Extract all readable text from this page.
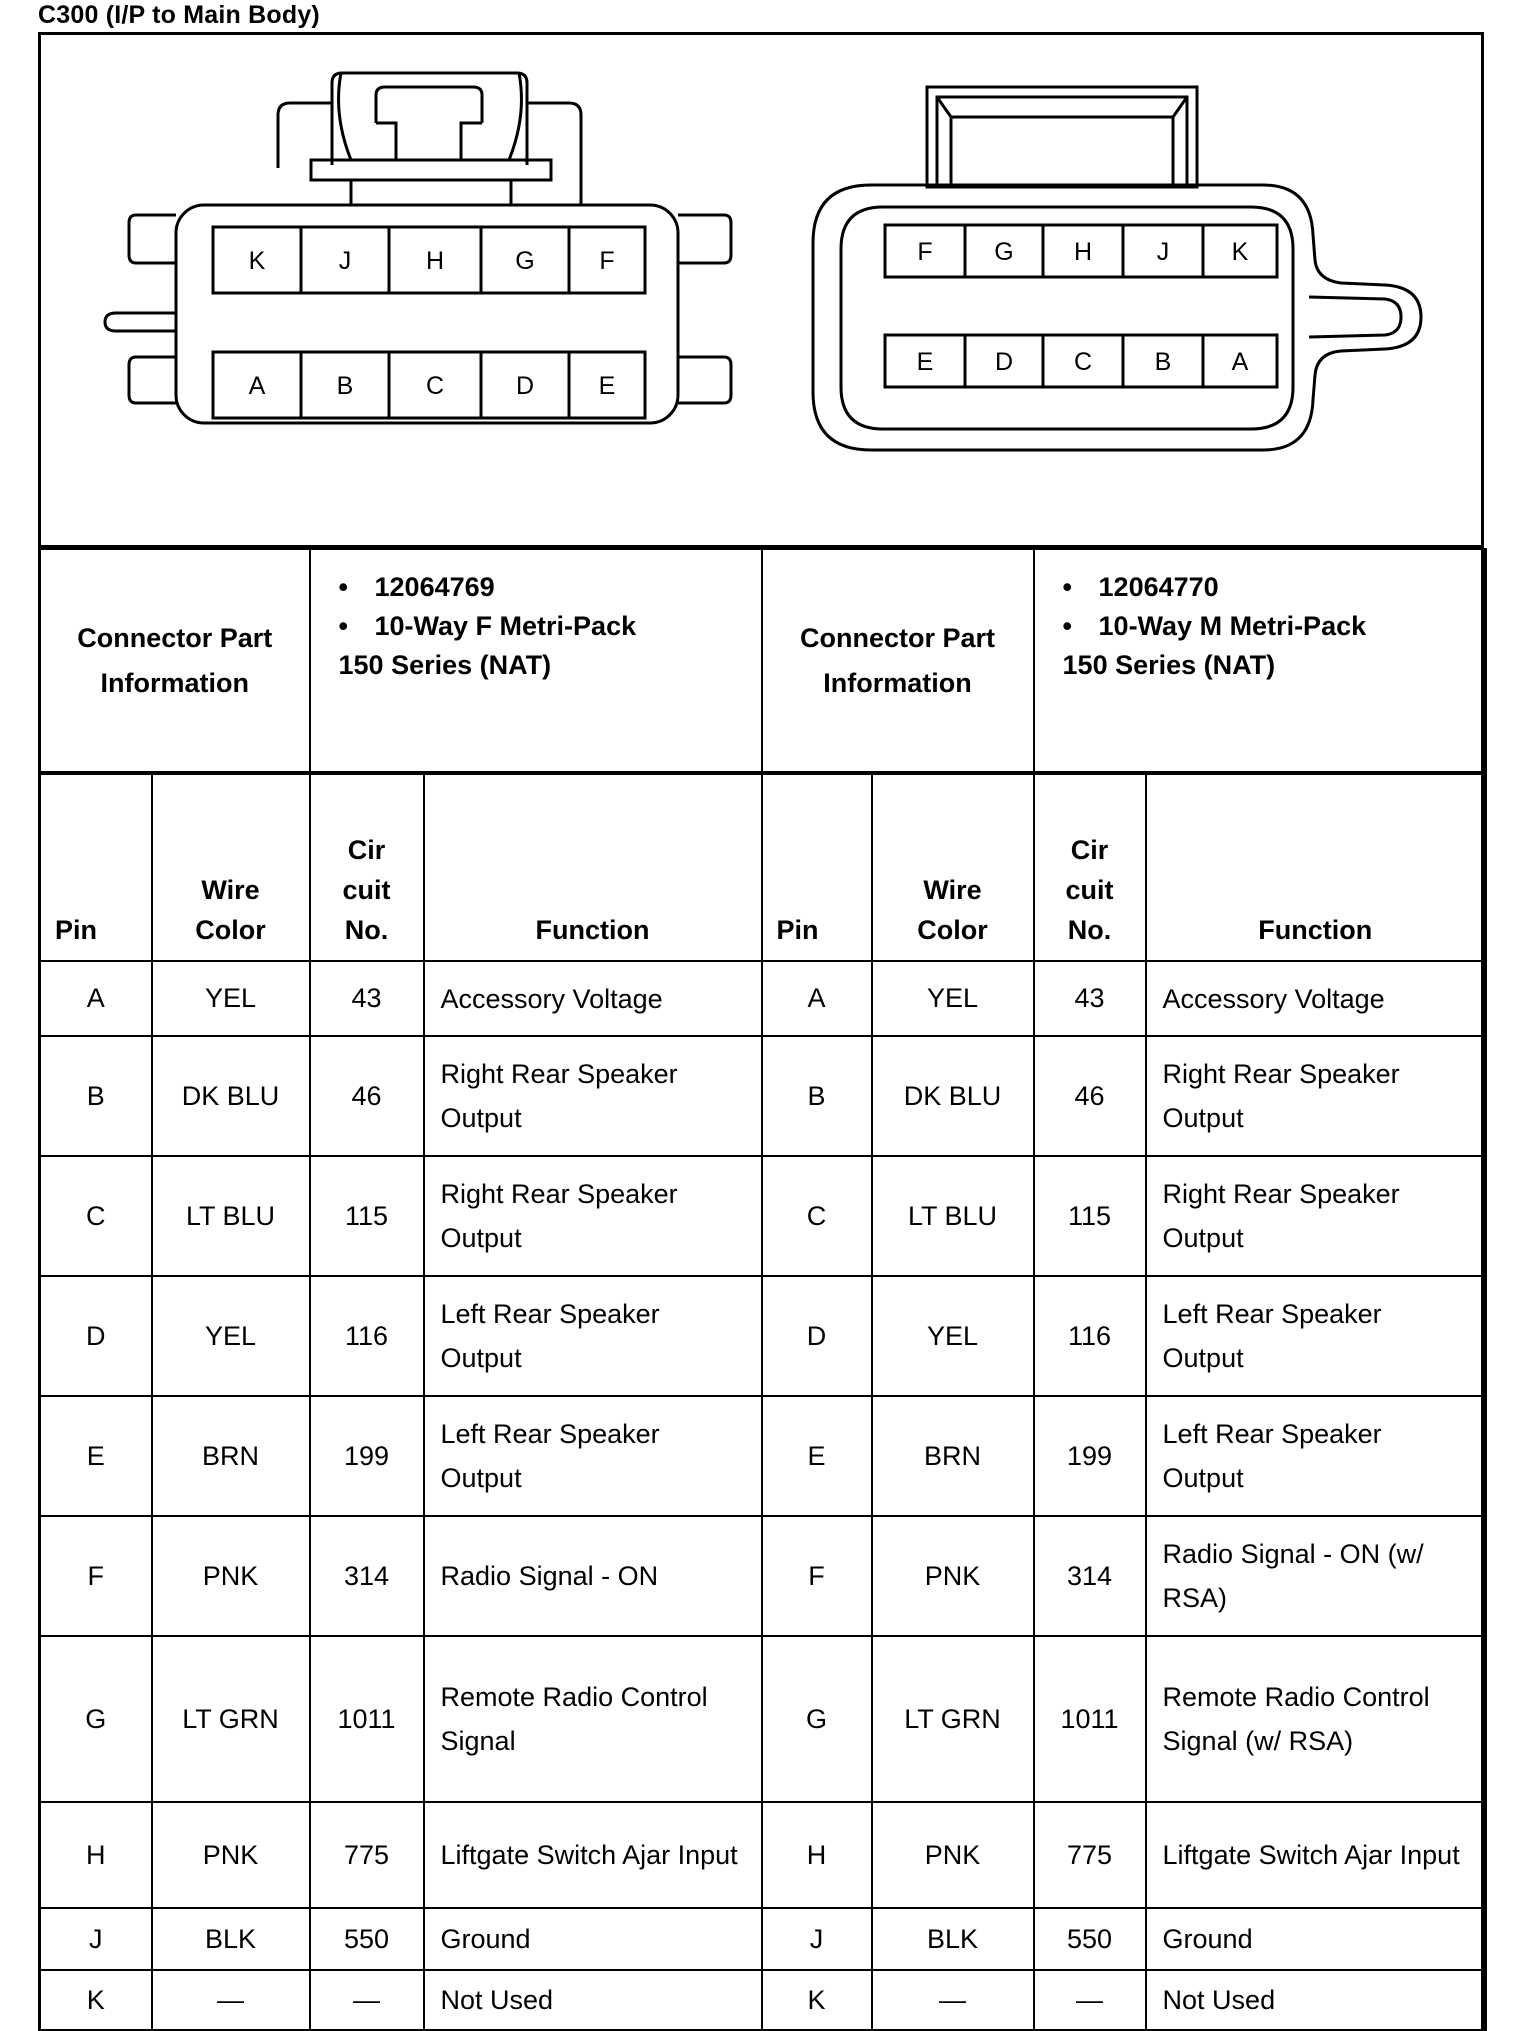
C300 (I/P to Main Body)
K	J	H	G	F
A	B	C	D	E
F G H	J K
E D C	B A
Connector Part Information		• 12064769
• 10-Way F Metri-Pack
150 Series (NAT)		Connector Part Information		• 12064770
• 10-Way M Metri-Pack
150 Series (NAT)	

Pin	Wire Color	Cir cuit No.	Function	Pin	Wire Color	Cir cuit No.	Function
A	YEL	43	Accessory Voltage	A	YEL	43	Accessory Voltage
B	DK BLU	46	Right Rear Speaker Output	B	DK BLU	46	Right Rear Speaker Output
C	LT BLU	115	Right Rear Speaker Output	C	LT BLU	115	Right Rear Speaker Output
D	YEL	116	Left Rear Speaker Output	D	YEL	116	Left Rear Speaker Output
E	BRN	199	Left Rear Speaker Output	E	BRN	199	Left Rear Speaker Output
F	PNK	314	Radio Signal - ON	F	PNK	314	Radio Signal - ON (w/ RSA)
G	LT GRN	1011	Remote Radio Control Signal	G	LT GRN	1011	Remote Radio Control Signal (w/ RSA)
H	PNK	775	Liftgate Switch Ajar Input	H	PNK	775	Liftgate Switch Ajar Input
J	BLK	550	Ground	J	BLK	550	Ground
K	—	—	Not Used	K	—	—	Not Used
